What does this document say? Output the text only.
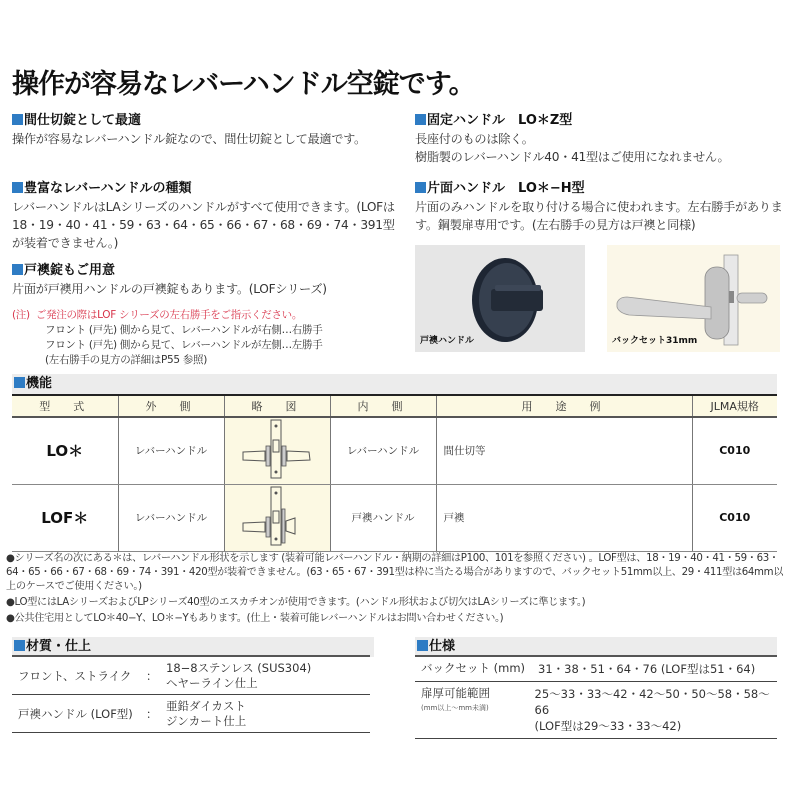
操作が容易なレバーハンドル空錠です。
間仕切錠として最適
操作が容易なレバーハンドル錠なので、間仕切錠として最適です。
豊富なレバーハンドルの種類
レバーハンドルはLAシリーズのハンドルがすべて使用できます。(LOFは18・19・40・41・59・63・64・65・66・67・68・69・74・391型が装着できません。)
戸襖錠もご用意
片面が戸襖用ハンドルの戸襖錠もあります。(LOFシリーズ)
(注) ご発注の際はLOF シリーズの左右勝手をご指示ください。
フロント (戸先) 側から見て、レバーハンドルが右側…右勝手
フロント (戸先) 側から見て、レバーハンドルが左側…左勝手
(左右勝手の見方の詳細はP55 参照)
固定ハンドル　LO＊Z型
長座付のものは除く。
樹脂製のレバーハンドル40・41型はご使用になれません。
片面ハンドル　LO＊−H型
片面のみハンドルを取り付ける場合に使われます。左右勝手があります。鋼製扉専用です。(左右勝手の見方は戸襖と同様)
戸襖ハンドル	バックセット31mm
機能
型　式	外　側	略　図	内　側	用　途　例	JLMA規格
LO＊	レバーハンドル		レバーハンドル	間仕切等	C010
LOF＊	レバーハンドル		戸襖ハンドル	戸襖	C010

●シリーズ名の次にある＊は、レバーハンドル形状を示します (装着可能レバーハンドル・納期の詳細はP100、101を参照ください) 。LOF型は、18・19・40・41・59・63・64・65・66・67・68・69・74・391・420型が装着できません。(63・65・67・391型は枠に当たる場合がありますので、バックセット51mm以上、29・411型は64mm以上のケースでご使用ください。)

●LO型にはLAシリーズおよびLPシリーズ40型のエスカチオンが使用できます。(ハンドル形状および切欠はLAシリーズに準じます。)

●公共住宅用としてLO＊40−Y、LO＊−Yもあります。(仕上・装着可能レバーハンドルはお問い合わせください。)

材質・仕上
フロント、ストライク	：
18−8ステンレス (SUS304)
ヘヤーライン仕上
戸襖ハンドル (LOF型)	：
亜鉛ダイカスト
ジンカート仕上
仕様
バックセット (mm)	31・38・51・64・76 (LOF型は51・64)
扉厚可能範囲
(mm以上〜mm未満)
25〜33・33〜42・42〜50・50〜58・58〜66
(LOF型は29〜33・33〜42)
